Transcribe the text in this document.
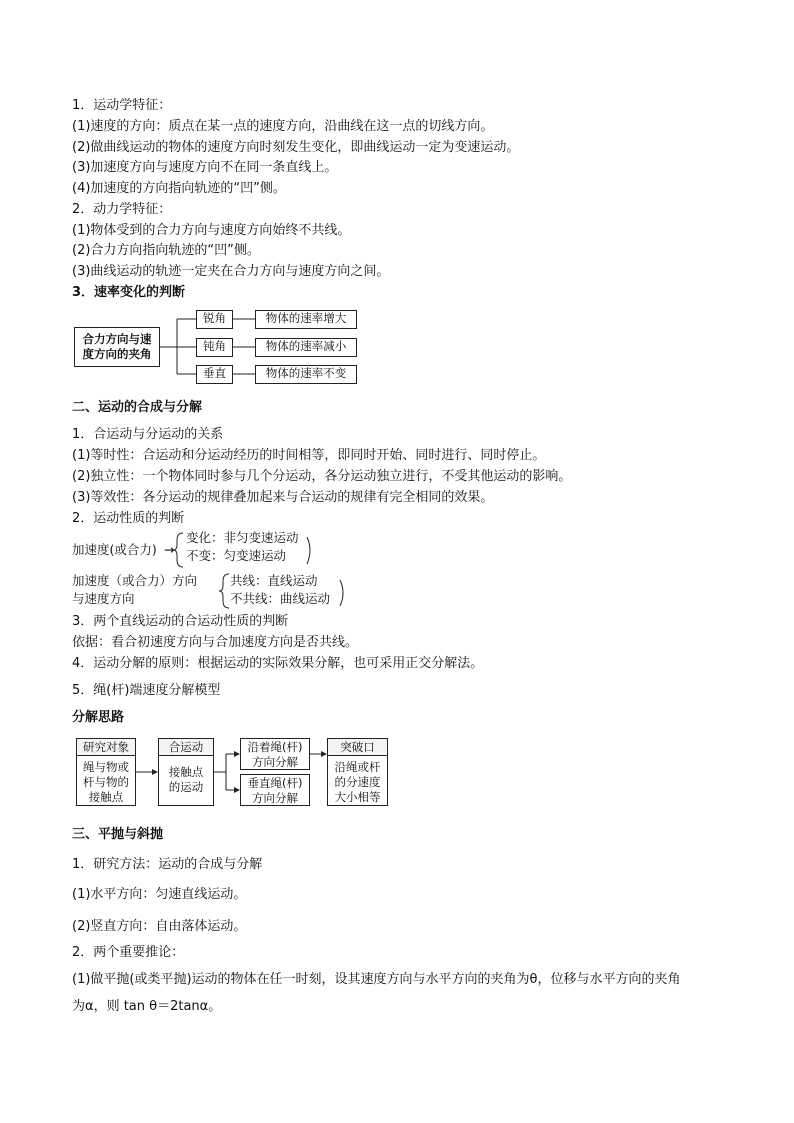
1．运动学特征：
(1)速度的方向：质点在某一点的速度方向，沿曲线在这一点的切线方向。
(2)做曲线运动的物体的速度方向时刻发生变化，即曲线运动一定为变速运动。
(3)加速度方向与速度方向不在同一条直线上。
(4)加速度的方向指向轨迹的“凹”侧。
2．动力学特征：
(1)物体受到的合力方向与速度方向始终不共线。
(2)合力方向指向轨迹的“凹”侧。
(3)曲线运动的轨迹一定夹在合力方向与速度方向之间。
3．速率变化的判断
合力方向与速
度方向的夹角
锐角
钝角
垂直
物体的速率增大
物体的速率减小
物体的速率不变
二、运动的合成与分解
1．合运动与分运动的关系
(1)等时性：合运动和分运动经历的时间相等，即同时开始、同时进行、同时停止。
(2)独立性：一个物体同时参与几个分运动，各分运动独立进行，不受其他运动的影响。
(3)等效性：各分运动的规律叠加起来与合运动的规律有完全相同的效果。
2．运动性质的判断
加速度(或合力) →
变化：非匀变速运动
不变：匀变速运动
加速度（或合力）方向
与速度方向
共线：直线运动
不共线：曲线运动
3．两个直线运动的合运动性质的判断
依据：看合初速度方向与合加速度方向是否共线。
4．运动分解的原则：根据运动的实际效果分解，也可采用正交分解法。
5．绳(杆)端速度分解模型
分解思路
研究对象
绳与物或
杆与物的
接触点
合运动
接触点
的运动
沿着绳(杆)
方向分解
垂直绳(杆)
方向分解
突破口
沿绳或杆
的分速度
大小相等
三、平抛与斜抛
1．研究方法：运动的合成与分解
(1)水平方向：匀速直线运动。
(2)竖直方向：自由落体运动。
2．两个重要推论：
(1)做平抛(或类平抛)运动的物体在任一时刻，设其速度方向与水平方向的夹角为θ，位移与水平方向的夹角
为α，则 tan θ＝2tanα。
